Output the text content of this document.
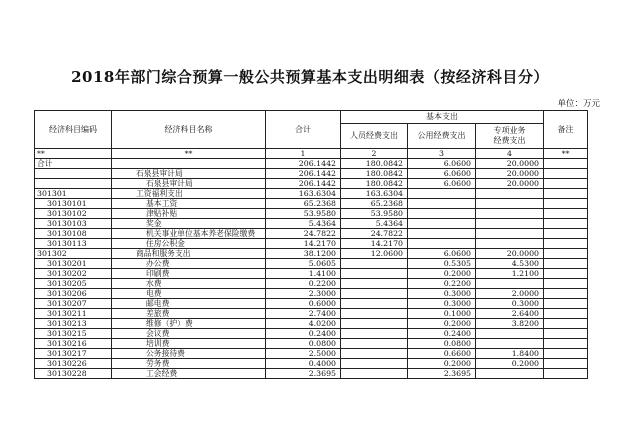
2018年部门综合预算一般公共预算基本支出明细表（按经济科目分）
单位：万元
经济科目编码	经济科目名称	合计	基本支出			备注
			人员经费支出	公用经费支出	专项业务
经费支出	
**	**	1	2	3	4	**
合计		206.1442	180.0842	6.0600	20.0000	
	石泉县审计局	206.1442	180.0842	6.0600	20.0000	
	石泉县审计局	206.1442	180.0842	6.0600	20.0000	
301301	工资福利支出	163.6304	163.6304			
30130101	基本工资	65.2368	65.2368			
30130102	津贴补贴	53.9580	53.9580			
30130103	奖金	5.4364	5.4364			
30130108	机关事业单位基本养老保险缴费	24.7822	24.7822			
30130113	住房公积金	14.2170	14.2170			
301302	商品和服务支出	38.1200	12.0600	6.0600	20.0000	
30130201	办公费	5.0605		0.5305	4.5300	
30130202	印刷费	1.4100		0.2000	1.2100	
30130205	水费	0.2200		0.2200		
30130206	电费	2.3000		0.3000	2.0000	
30130207	邮电费	0.6000		0.3000	0.3000	
30130211	差旅费	2.7400		0.1000	2.6400	
30130213	维修（护）费	4.0200		0.2000	3.8200	
30130215	会议费	0.2400		0.2400		
30130216	培训费	0.0800		0.0800		
30130217	公务接待费	2.5000		0.6600	1.8400	
30130226	劳务费	0.4000		0.2000	0.2000	
30130228	工会经费	2.3695		2.3695		
